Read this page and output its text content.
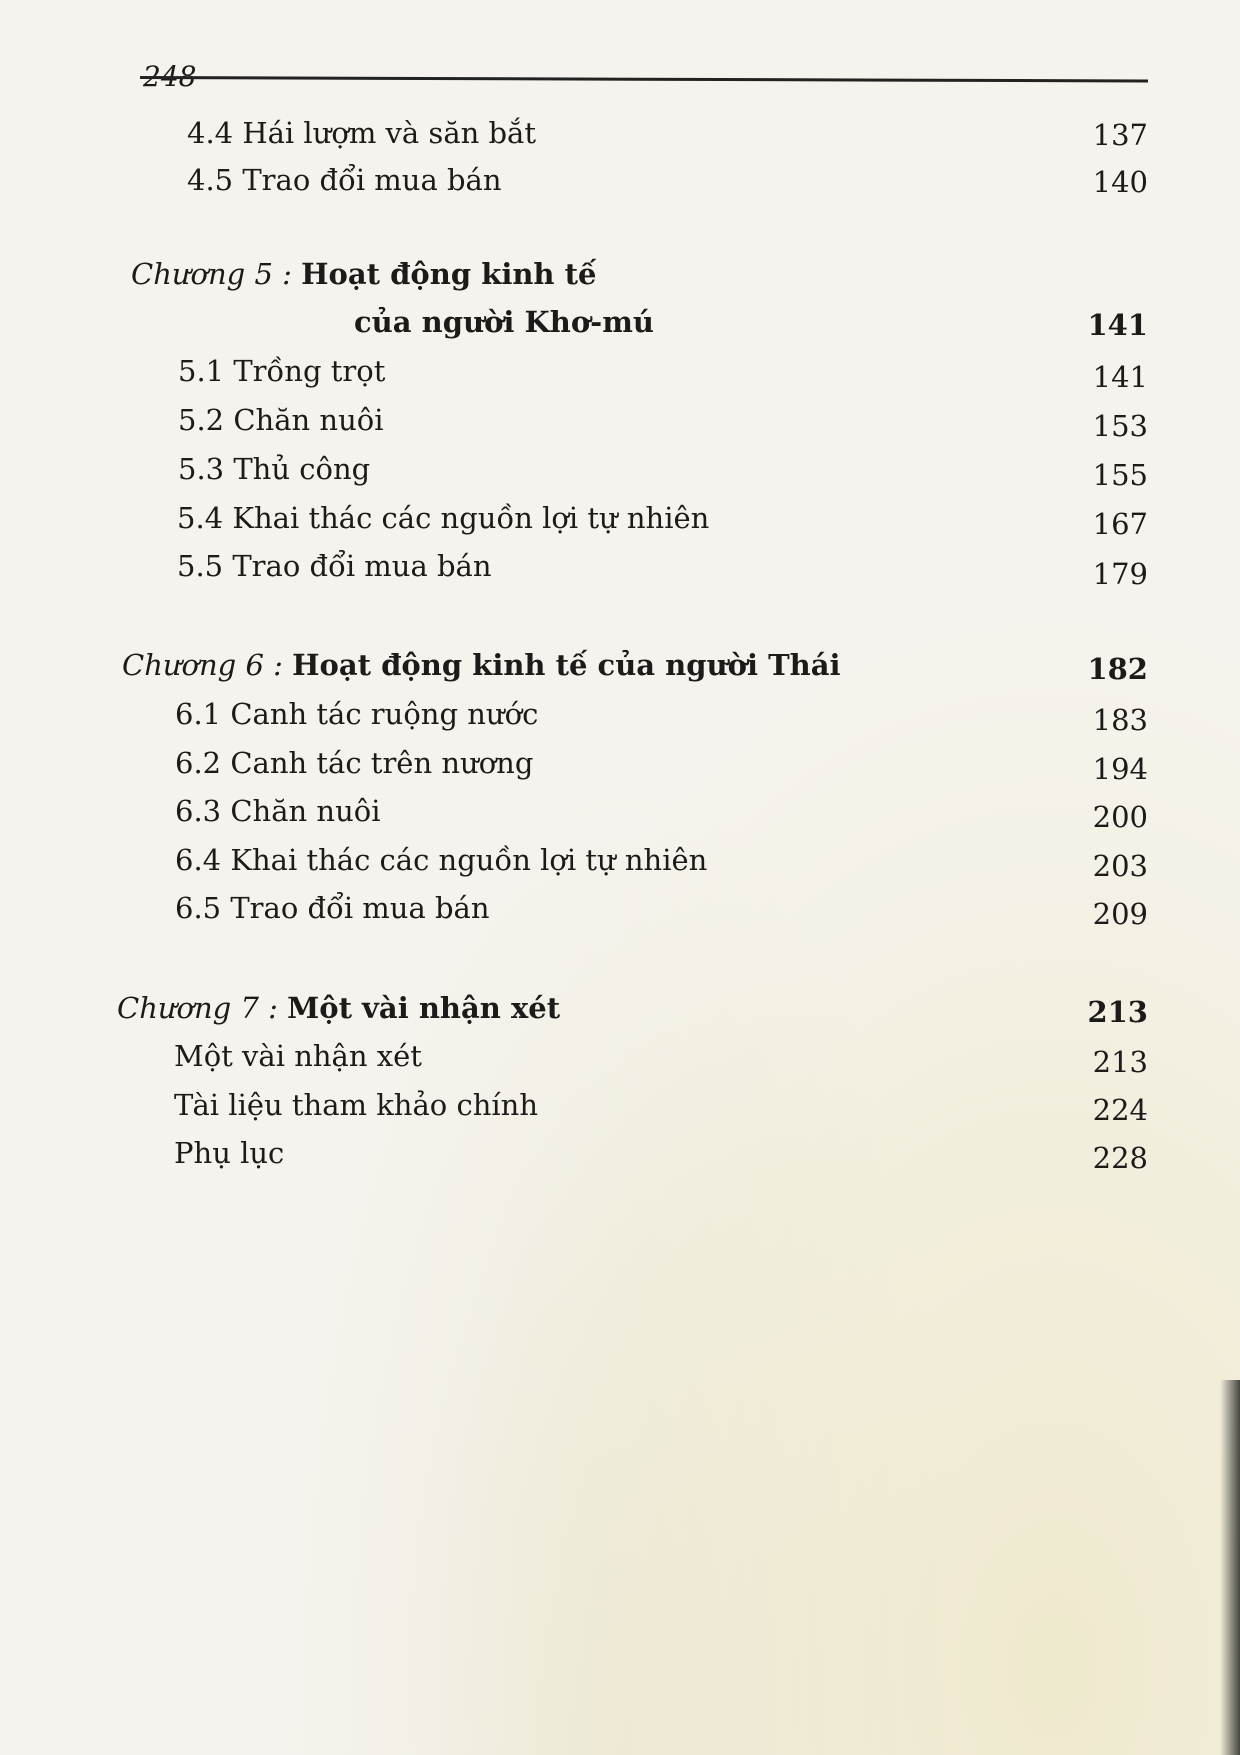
248
4.4 Hái lượm và săn bắt	137
4.5 Trao đổi mua bán	140
Chương 5 : Hoạt động kinh tế
của người Khơ-mú	141
5.1 Trồng trọt	141
5.2 Chăn nuôi	153
5.3 Thủ công	155
5.4 Khai thác các nguồn lợi tự nhiên	167
5.5 Trao đổi mua bán	179
Chương 6 : Hoạt động kinh tế của người Thái	182
6.1 Canh tác ruộng nước	183
6.2 Canh tác trên nương	194
6.3 Chăn nuôi	200
6.4 Khai thác các nguồn lợi tự nhiên	203
6.5 Trao đổi mua bán	209
Chương 7 : Một vài nhận xét	213
Một vài nhận xét	213
Tài liệu tham khảo chính	224
Phụ lục	228
